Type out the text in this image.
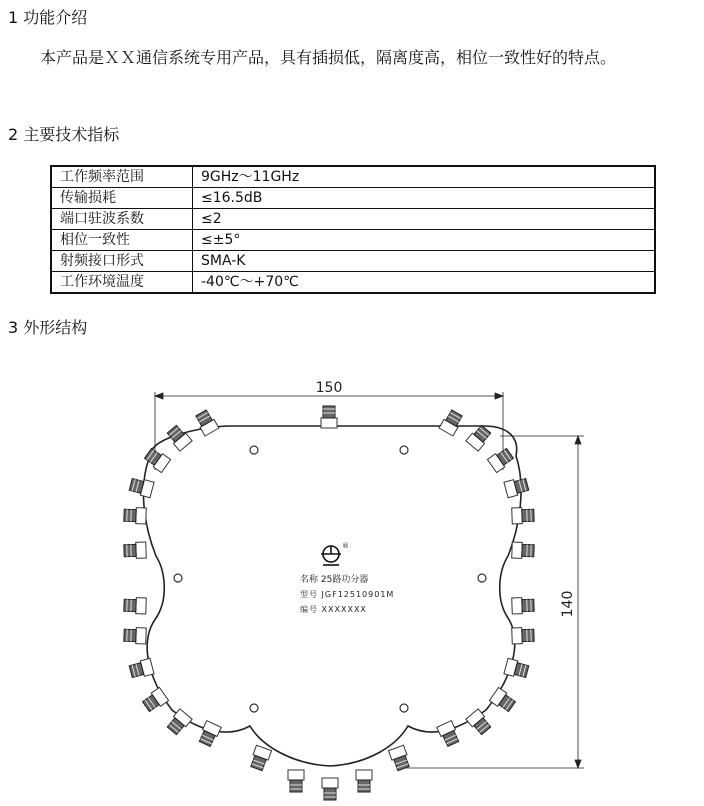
1 功能介绍

本产品是ＸＸ通信系统专用产品，具有插损低，隔离度高，相位一致性好的特点。

2 主要技术指标
工作频率范围	9GHz～11GHz
传输损耗	≤16.5dB
端口驻波系数	≤2
相位一致性	≤±5°
射频接口形式	SMA-K
工作环境温度	-40℃～+70℃
3 外形结构
150
140
®
名称 25路功分器
型号 JGF12510901M
编号 XXXXXXX
